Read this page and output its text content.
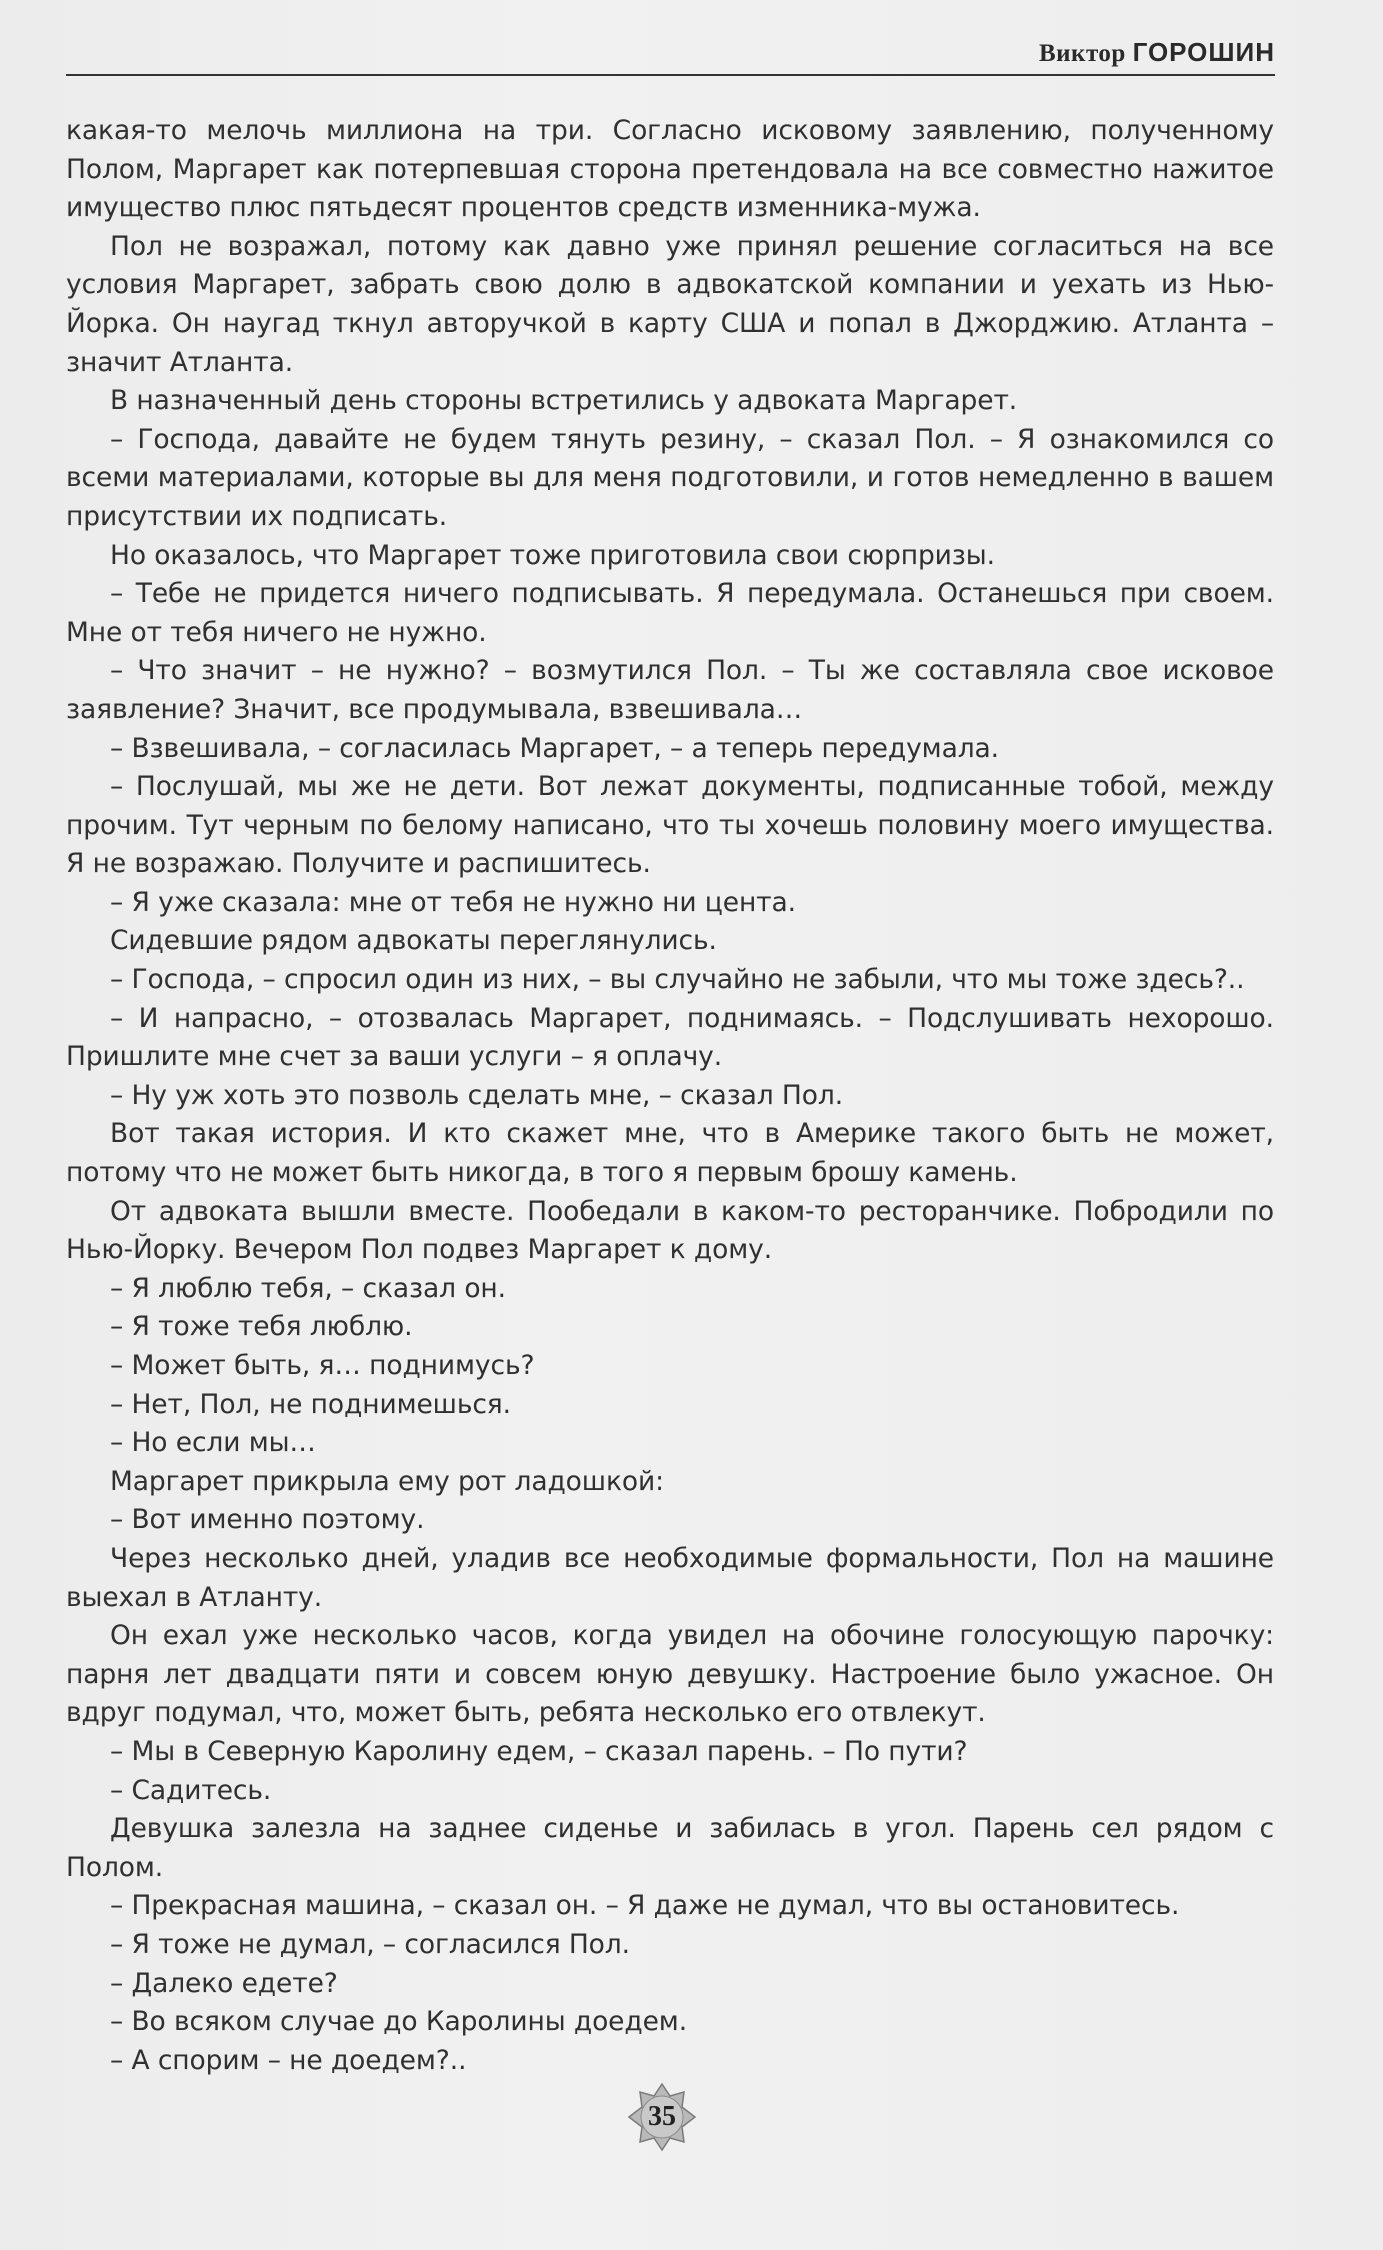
Виктор ГОРОШИН

какая-то мелочь миллиона на три. Согласно исковому заявлению, полученному Полом, Маргарет как потерпевшая сторона претендовала на все совместно нажитое имущество плюс пятьдесят процентов средств изменника-мужа.

Пол не возражал, потому как давно уже принял решение согласиться на все условия Маргарет, забрать свою долю в адвокатской компании и уехать из Нью-Йорка. Он наугад ткнул авторучкой в карту США и попал в Джорджию. Атланта – значит Атланта.

В назначенный день стороны встретились у адвоката Маргарет.

– Господа, давайте не будем тянуть резину, – сказал Пол. – Я ознакомился со всеми материалами, которые вы для меня подготовили, и готов немедленно в вашем присутствии их подписать.

Но оказалось, что Маргарет тоже приготовила свои сюрпризы.

– Тебе не придется ничего подписывать. Я передумала. Останешься при своем. Мне от тебя ничего не нужно.

– Что значит – не нужно? – возмутился Пол. – Ты же составляла свое исковое заявление? Значит, все продумывала, взвешивала…

– Взвешивала, – согласилась Маргарет, – а теперь передумала.

– Послушай, мы же не дети. Вот лежат документы, подписанные тобой, между прочим. Тут черным по белому написано, что ты хочешь половину моего имущества. Я не возражаю. Получите и распишитесь.

– Я уже сказала: мне от тебя не нужно ни цента.

Сидевшие рядом адвокаты переглянулись.

– Господа, – спросил один из них, – вы случайно не забыли, что мы тоже здесь?..

– И напрасно, – отозвалась Маргарет, поднимаясь. – Подслушивать нехорошо. Пришлите мне счет за ваши услуги – я оплачу.

– Ну уж хоть это позволь сделать мне, – сказал Пол.

Вот такая история. И кто скажет мне, что в Америке такого быть не может, потому что не может быть никогда, в того я первым брошу камень.

От адвоката вышли вместе. Пообедали в каком-то ресторанчике. Побродили по Нью-Йорку. Вечером Пол подвез Маргарет к дому.

– Я люблю тебя, – сказал он.

– Я тоже тебя люблю.

– Может быть, я… поднимусь?

– Нет, Пол, не поднимешься.

– Но если мы…

Маргарет прикрыла ему рот ладошкой:

– Вот именно поэтому.

Через несколько дней, уладив все необходимые формальности, Пол на машине выехал в Атланту.

Он ехал уже несколько часов, когда увидел на обочине голосующую парочку: парня лет двадцати пяти и совсем юную девушку. Настроение было ужасное. Он вдруг подумал, что, может быть, ребята несколько его отвлекут.

– Мы в Северную Каролину едем, – сказал парень. – По пути?

– Садитесь.

Девушка залезла на заднее сиденье и забилась в угол. Парень сел рядом с Полом.

– Прекрасная машина, – сказал он. – Я даже не думал, что вы остановитесь.

– Я тоже не думал, – согласился Пол.

– Далеко едете?

– Во всяком случае до Каролины доедем.

– А спорим – не доедем?..

35
